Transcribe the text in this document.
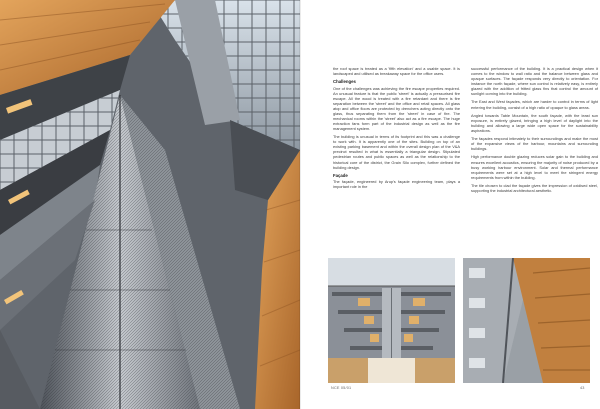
the roof space is treated as a 'fifth elevation' and a usable space. It is landscaped and utilised as breakaway space for the office users.

Challenges

One of the challenges was achieving the fire escape properties required. An unusual feature is that the public 'street' is actually a pressurised fire escape. All the wood is treated with a fire retardant and there is fire separation between the 'street' and the office and retail spaces. All glass atop and office floors are protected by drenchers acting directly onto the glass, thus separating them from the 'street' in case of fire. The mechanical rooms within the 'street' also act as a fire escape. The huge extraction fans form part of the industrial design as well as the fire management system.

The building is unusual in terms of its footprint and this was a challenge to work with. It is apparently one of the sites. Building on top of an existing parking basement and within the overall design plan of the V&A precinct resulted in what is essentially a triangular design. Stipulated pedestrian routes and public spaces as well as the relationship to the historical core of the district, the Grain Silo complex, further defined the building design.

Façade

The façade, engineered by Arup's façade engineering team, plays a important role in the

successful performance of the building. It is a practical design when it comes to the window to wall ratio and the balance between glass and opaque surfaces. The façade responds very directly to orientation. For instance the north façade, where sun control is relatively easy, is entirely glazed with the addition of fritted glass fins that control the amount of sunlight coming into the building.

The East and West façades, which are harder to control in terms of light entering the building, consist of a high ratio of opaque to glass areas.

Angled towards Table Mountain, the south façade, with the least sun exposure, is entirely glazed, bringing a high level of daylight into the building and allowing a large wide open space for the sustainability aspirations.

The façades respond intimately to their surroundings and make the most of the expansive views of the harbour, mountains and surrounding buildings.

High performance double glazing reduces solar gain to the building and ensures excellent acoustics, ensuring the majority of noise produced by a busy working harbour environment. Solar and thermal performance requirements were set at a high level to meet the stringent energy requirements from within the building.

The tile chosen to clad the façade gives the impression of oxidised steel, supporting the industrial architectural aesthetic.

NCE 05/01	43
